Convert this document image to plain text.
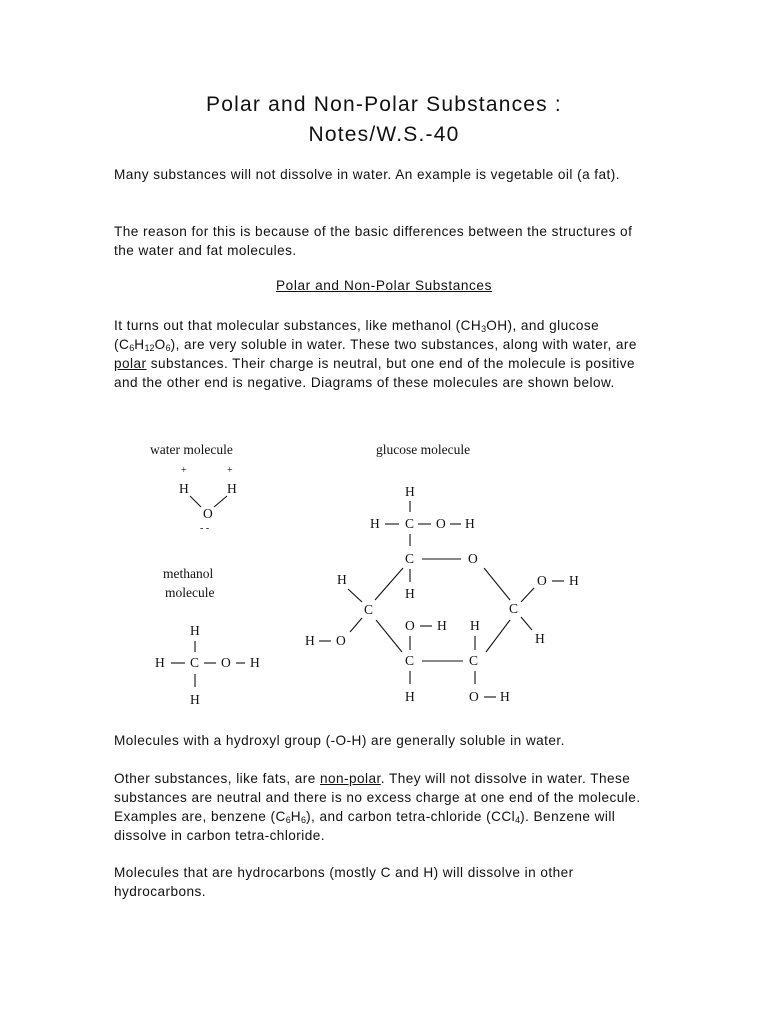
Polar and Non-Polar Substances :
Notes/W.S.-40

Many substances will not dissolve in water. An example is vegetable oil (a fat).

The reason for this is because of the basic differences between the structures of the water and fat molecules.

Polar and Non-Polar Substances

It turns out that molecular substances, like methanol $(CH_3OH)$, and glucose $(C_6H_{12}O_6)$, are very soluble in water. These two substances, along with water, are polar substances. Their charge is neutral, but one end of the molecule is positive and the other end is negative. Diagrams of these molecules are shown below.

water molecule
+	+
H	H
O
- -
methanol
molecule
H
H C O H
H
glucose molecule
H
H C O H
C	O
H
C
O H
H
H
C
H O
O H H
C	C
H	O H

Molecules with a hydroxyl group (-O-H) are generally soluble in water.

Other substances, like fats, are non-polar. They will not dissolve in water. These substances are neutral and there is no excess charge at one end of the molecule. Examples are, benzene $(C_6H_6)$, and carbon tetra-chloride (CCl$_4$). Benzene will dissolve in carbon tetra-chloride.

Molecules that are hydrocarbons (mostly C and H) will dissolve in other hydrocarbons.
